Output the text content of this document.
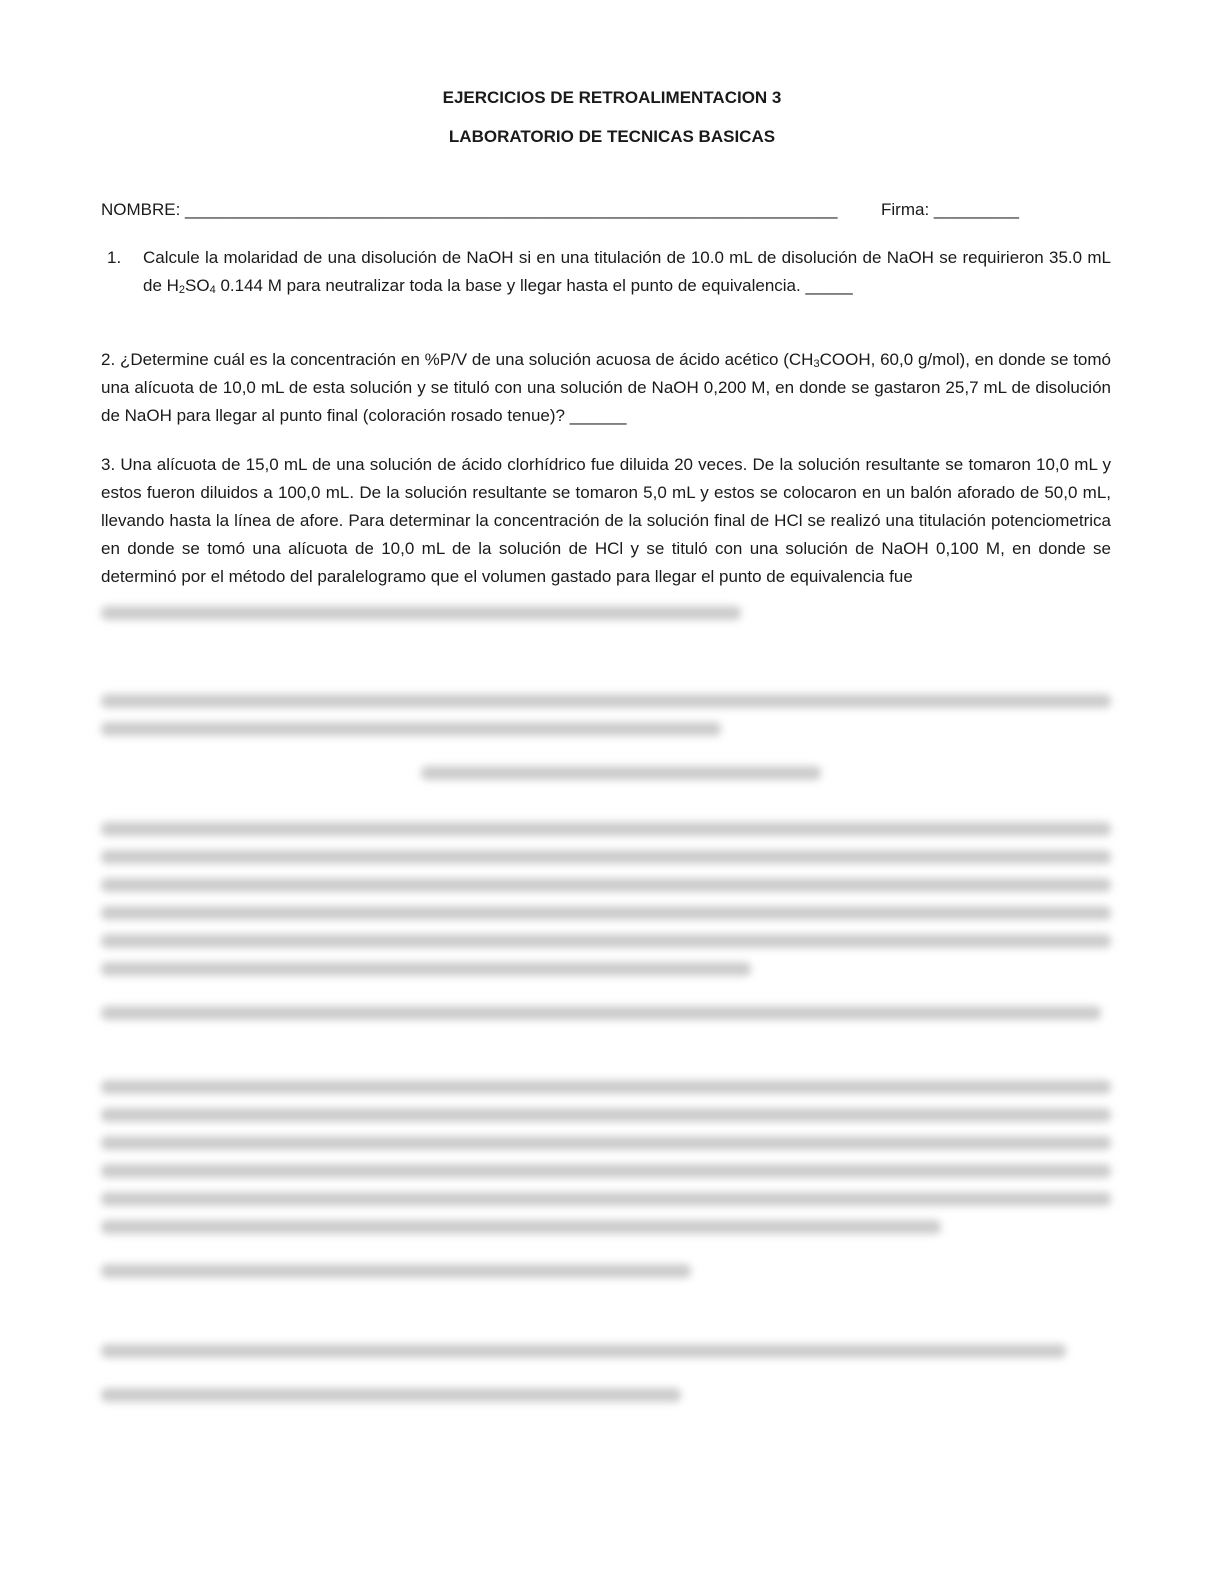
EJERCICIOS DE RETROALIMENTACION 3

LABORATORIO DE TECNICAS BASICAS

NOMBRE: _____________________________________________________________________	Firma: _________

1. Calcule la molaridad de una disolución de NaOH si en una titulación de 10.0 mL de disolución de NaOH se requirieron 35.0 mL de $H_2SO_4$ 0.144 M para neutralizar toda la base y llegar hasta el punto de equivalencia. _____

2. ¿Determine cuál es la concentración en %P/V de una solución acuosa de ácido acético ($CH_3COOH$, 60,0 g/mol), en donde se tomó una alícuota de 10,0 mL de esta solución y se tituló con una solución de NaOH 0,200 M, en donde se gastaron 25,7 mL de disolución de NaOH para llegar al punto final (coloración rosado tenue)? ______

3. Una alícuota de 15,0 mL de una solución de ácido clorhídrico fue diluida 20 veces. De la solución resultante se tomaron 10,0 mL y estos fueron diluidos a 100,0 mL. De la solución resultante se tomaron 5,0 mL y estos se colocaron en un balón aforado de 50,0 mL, llevando hasta la línea de afore. Para determinar la concentración de la solución final de HCl se realizó una titulación potenciometrica en donde se tomó una alícuota de 10,0 mL de la solución de HCl y se tituló con una solución de NaOH 0,100 M, en donde se determinó por el método del paralelogramo que el volumen gastado para llegar el punto de equivalencia fue
